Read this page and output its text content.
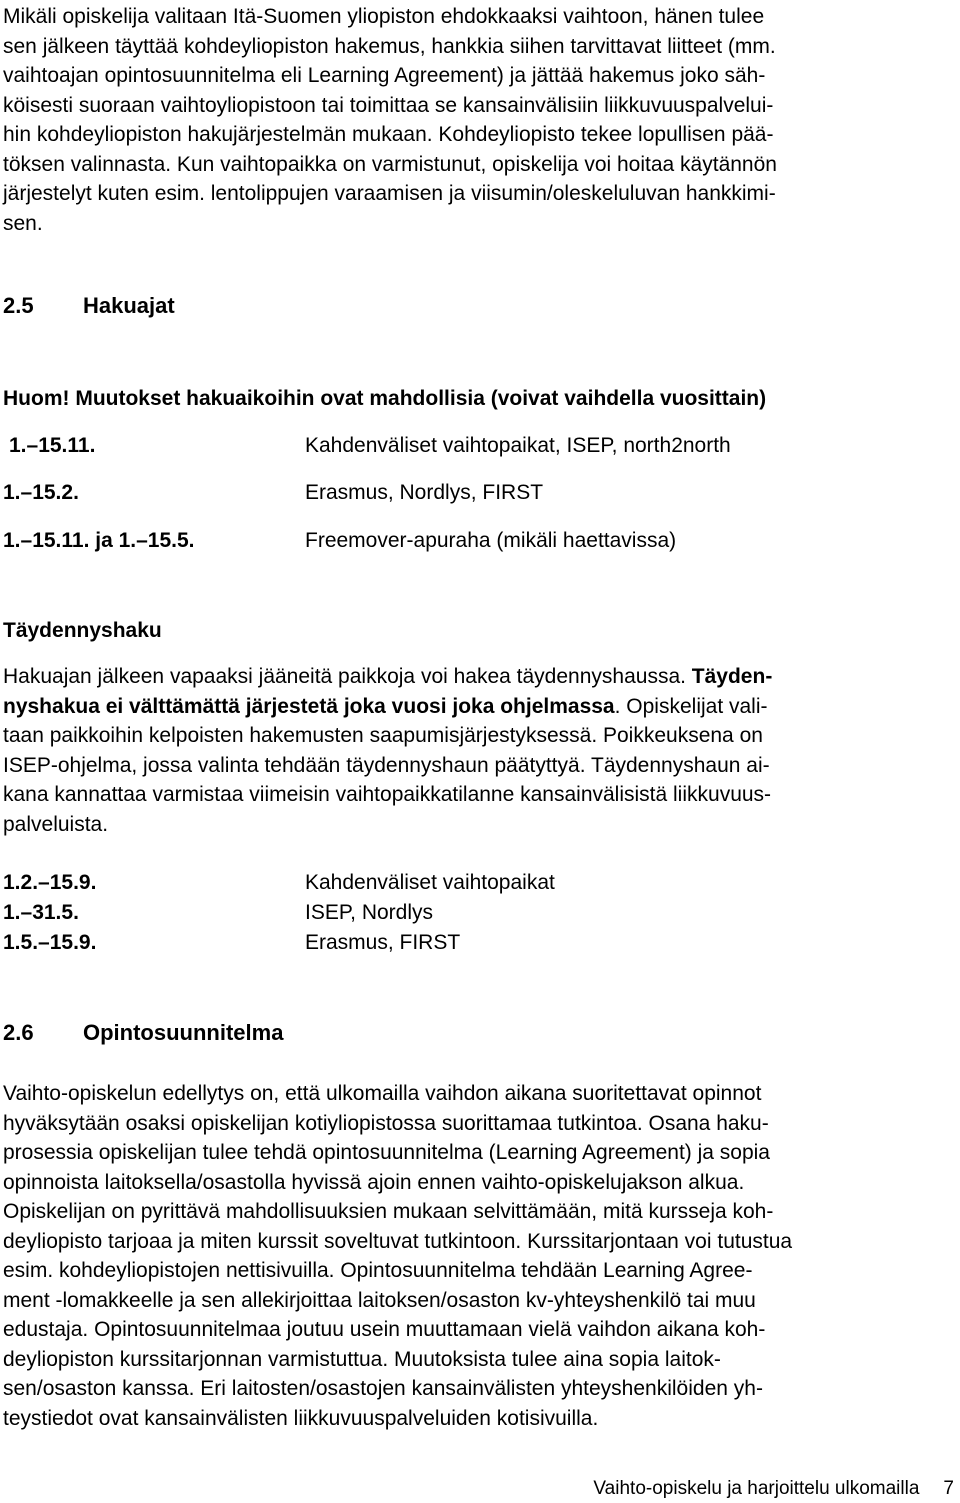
Mikäli opiskelija valitaan Itä-Suomen yliopiston ehdokkaaksi vaihtoon, hänen tulee
sen jälkeen täyttää kohdeyliopiston hakemus, hankkia siihen tarvittavat liitteet (mm.
vaihtoajan opintosuunnitelma eli Learning Agreement) ja jättää hakemus joko säh-
köisesti suoraan vaihtoyliopistoon tai toimittaa se kansainvälisiin liikkuvuuspalvelui-
hin kohdeyliopiston hakujärjestelmän mukaan. Kohdeyliopisto tekee lopullisen pää-
töksen valinnasta. Kun vaihtopaikka on varmistunut, opiskelija voi hoitaa käytännön
järjestelyt kuten esim. lentolippujen varaamisen ja viisumin/oleskeluluvan hankkimi-
sen.
2.5 Hakuajat
Huom! Muutokset hakuaikoihin ovat mahdollisia (voivat vaihdella vuosittain)
1.–15.11.	Kahdenväliset vaihtopaikat, ISEP, north2north
1.–15.2.	Erasmus, Nordlys, FIRST
1.–15.11. ja 1.–15.5.	Freemover-apuraha (mikäli haettavissa)
Täydennyshaku
Hakuajan jälkeen vapaaksi jääneitä paikkoja voi hakea täydennyshaussa. Täyden-
nyshakua ei välttämättä järjestetä joka vuosi joka ohjelmassa. Opiskelijat vali-
taan paikkoihin kelpoisten hakemusten saapumisjärjestyksessä. Poikkeuksena on
ISEP-ohjelma, jossa valinta tehdään täydennyshaun päätyttyä. Täydennyshaun ai-
kana kannattaa varmistaa viimeisin vaihtopaikkatilanne kansainvälisistä liikkuvuus-
palveluista.
1.2.–15.9.	Kahdenväliset vaihtopaikat
1.–31.5.	ISEP, Nordlys
1.5.–15.9.	Erasmus, FIRST
2.6 Opintosuunnitelma
Vaihto-opiskelun edellytys on, että ulkomailla vaihdon aikana suoritettavat opinnot
hyväksytään osaksi opiskelijan kotiyliopistossa suorittamaa tutkintoa. Osana haku-
prosessia opiskelijan tulee tehdä opintosuunnitelma (Learning Agreement) ja sopia
opinnoista laitoksella/osastolla hyvissä ajoin ennen vaihto-opiskelujakson alkua.
Opiskelijan on pyrittävä mahdollisuuksien mukaan selvittämään, mitä kursseja koh-
deyliopisto tarjoaa ja miten kurssit soveltuvat tutkintoon. Kurssitarjontaan voi tutustua
esim. kohdeyliopistojen nettisivuilla. Opintosuunnitelma tehdään Learning Agree-
ment -lomakkeelle ja sen allekirjoittaa laitoksen/osaston kv-yhteyshenkilö tai muu
edustaja. Opintosuunnitelmaa joutuu usein muuttamaan vielä vaihdon aikana koh-
deyliopiston kurssitarjonnan varmistuttua. Muutoksista tulee aina sopia laitok-
sen/osaston kanssa. Eri laitosten/osastojen kansainvälisten yhteyshenkilöiden yh-
teystiedot ovat kansainvälisten liikkuvuuspalveluiden kotisivuilla.
Vaihto-opiskelu ja harjoittelu ulkomailla 7
